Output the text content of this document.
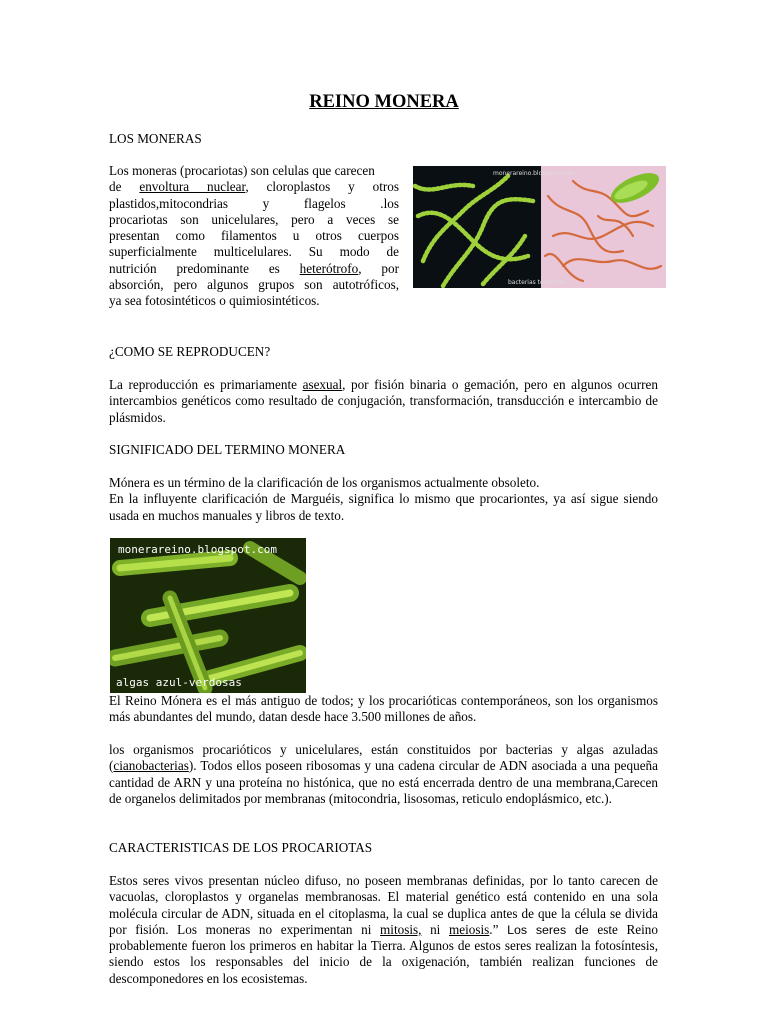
REINO MONERA
LOS MONERAS

Los moneras (procariotas) son celulas que carecen

de envoltura nuclear, cloroplastos y otros

plastidos,mitocondrias y flagelos .los

procariotas son unicelulares, pero a veces se

presentan como filamentos u otros cuerpos

superficialmente multicelulares. Su modo de

nutrición predominante es heterótrofo, por

absorción, pero algunos grupos son autotróficos,

ya sea fotosintéticos o quimiosintéticos.

monerareino.blogspot.com
bacterias terrestres
¿COMO SE REPRODUCEN?

La reproducción es primariamente asexual, por fisión binaria o gemación, pero en algunos ocurren intercambios genéticos como resultado de conjugación, transformación, transducción e intercambio de plásmidos.

SIGNIFICADO DEL TERMINO MONERA

Mónera es un término de la clarificación de los organismos actualmente obsoleto.

En la influyente clarificación de Marguéis, significa lo mismo que procariontes, ya así sigue siendo usada en muchos manuales y libros de texto.

monerareino.blogspot.com
algas azul-verdosas

El Reino Mónera es el más antiguo de todos; y los procarióticas contemporáneos, son los organismos más abundantes del mundo, datan desde hace 3.500 millones de años.

los organismos procarióticos y unicelulares, están constituidos por bacterias y algas azuladas (cianobacterias). Todos ellos poseen ribosomas y una cadena circular de ADN asociada a una pequeña cantidad de ARN y una proteína no histónica, que no está encerrada dentro de una membrana,Carecen de organelos delimitados por membranas (mitocondria, lisosomas, reticulo endoplásmico, etc.).

CARACTERISTICAS DE LOS PROCARIOTAS

Estos seres vivos presentan núcleo difuso, no poseen membranas definidas, por lo tanto carecen de vacuolas, cloroplastos y organelas membranosas. El material genético está contenido en una sola molécula circular de ADN, situada en el citoplasma, la cual se duplica antes de que la célula se divida por fisión. Los moneras no experimentan ni mitosis, ni meiosis.” Los seres de este Reino probablemente fueron los primeros en habitar la Tierra. Algunos de estos seres realizan la fotosíntesis, siendo estos los responsables del inicio de la oxigenación, también realizan funciones de descomponedores en los ecosistemas.
